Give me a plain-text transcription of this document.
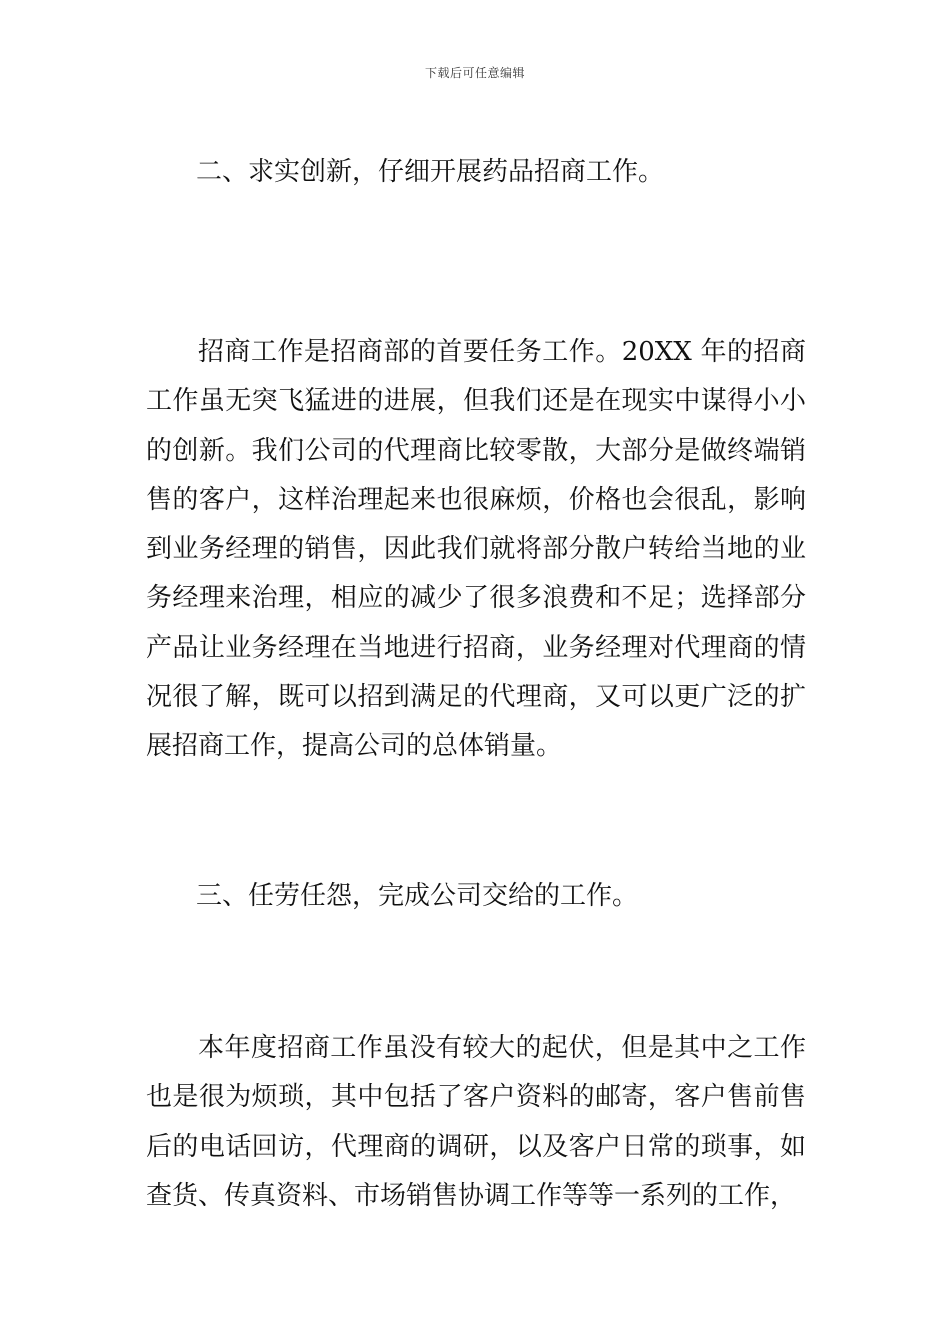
下载后可任意编辑
二、求实创新，仔细开展药品招商工作。

招商工作是招商部的首要任务工作。20XX 年的招商工作虽无突飞猛进的进展，但我们还是在现实中谋得小小的创新。我们公司的代理商比较零散，大部分是做终端销售的客户，这样治理起来也很麻烦，价格也会很乱，影响到业务经理的销售，因此我们就将部分散户转给当地的业务经理来治理，相应的减少了很多浪费和不足；选择部分产品让业务经理在当地进行招商，业务经理对代理商的情况很了解，既可以招到满足的代理商，又可以更广泛的扩展招商工作，提高公司的总体销量。

三、任劳任怨，完成公司交给的工作。

本年度招商工作虽没有较大的起伏，但是其中之工作也是很为烦琐，其中包括了客户资料的邮寄，客户售前售后的电话回访，代理商的调研，以及客户日常的琐事，如查货、传真资料、市场销售协调工作等等一系列的工作，
